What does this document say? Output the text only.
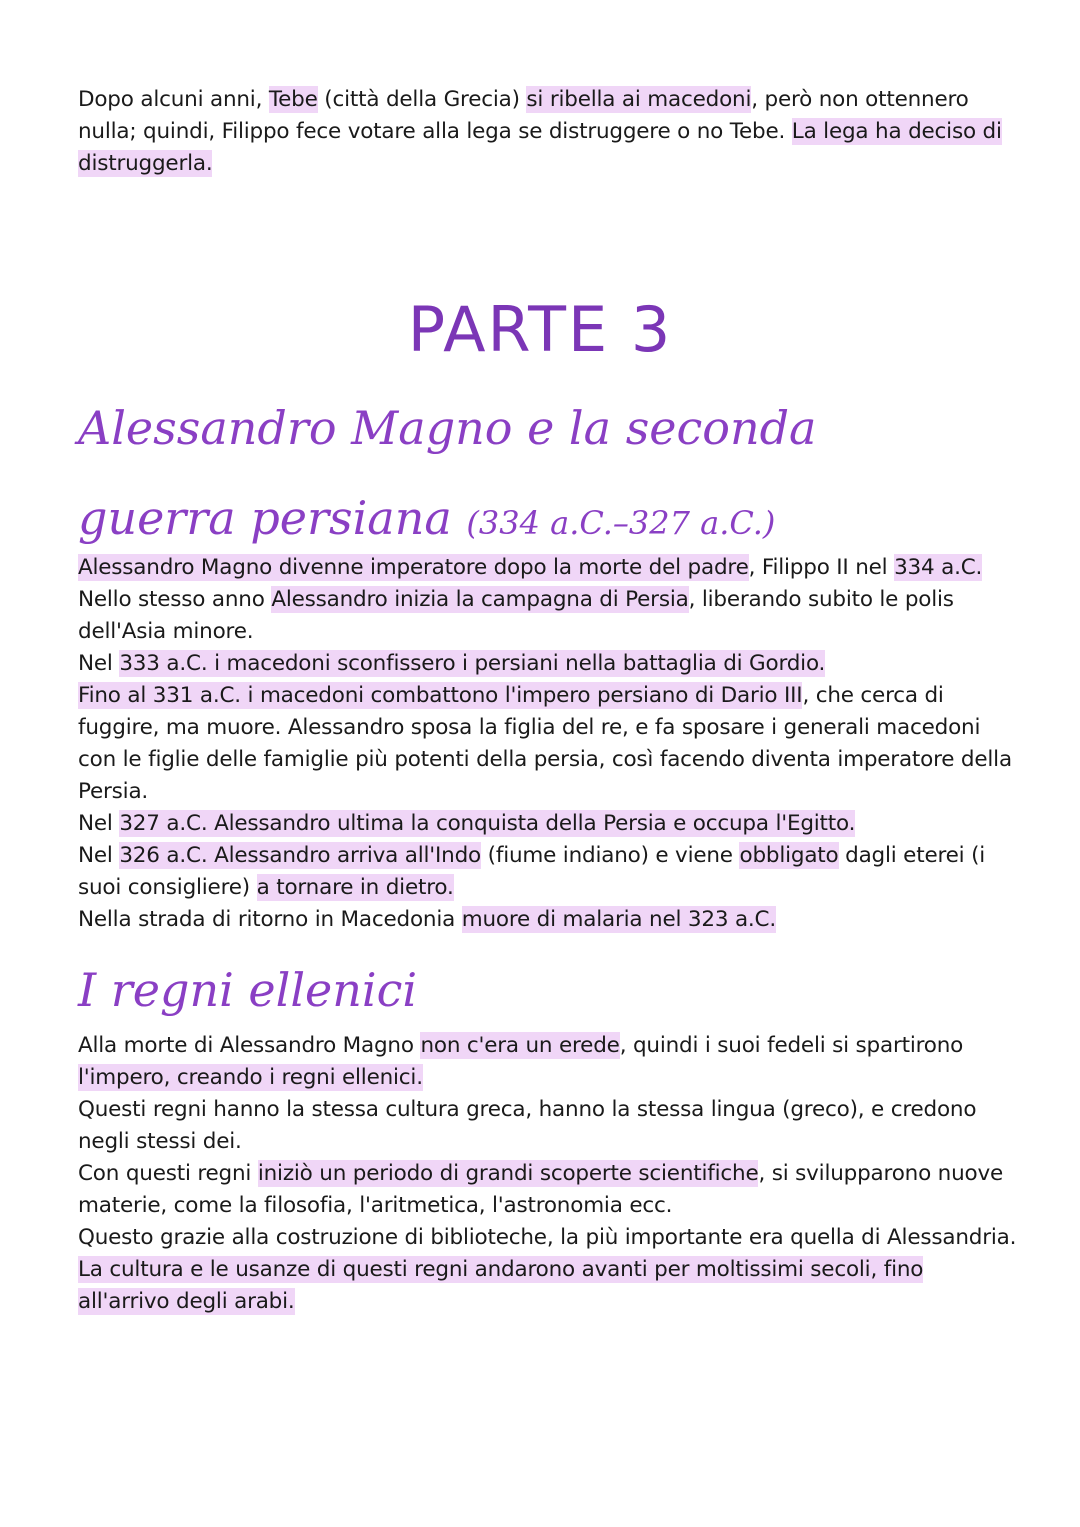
Dopo alcuni anni, Tebe (città della Grecia) si ribella ai macedoni, però non ottennero nulla; quindi, Filippo fece votare alla lega se distruggere o no Tebe. La lega ha deciso di distruggerla.
PARTE 3
Alessandro Magno e la seconda
guerra persiana (334 a.C.–327 a.C.)
Alessandro Magno divenne imperatore dopo la morte del padre, Filippo II nel 334 a.C.
Nello stesso anno Alessandro inizia la campagna di Persia, liberando subito le polis dell'Asia minore.
Nel 333 a.C. i macedoni sconfissero i persiani nella battaglia di Gordio.
Fino al 331 a.C. i macedoni combattono l'impero persiano di Dario III, che cerca di fuggire, ma muore. Alessandro sposa la figlia del re, e fa sposare i generali macedoni con le figlie delle famiglie più potenti della persia, così facendo diventa imperatore della Persia.
Nel 327 a.C. Alessandro ultima la conquista della Persia e occupa l'Egitto.
Nel 326 a.C. Alessandro arriva all'Indo (fiume indiano) e viene obbligato dagli eterei (i suoi consigliere) a tornare in dietro.
Nella strada di ritorno in Macedonia muore di malaria nel 323 a.C.
I regni ellenici
Alla morte di Alessandro Magno non c'era un erede, quindi i suoi fedeli si spartirono l'impero, creando i regni ellenici.
Questi regni hanno la stessa cultura greca, hanno la stessa lingua (greco), e credono negli stessi dei.
Con questi regni iniziò un periodo di grandi scoperte scientifiche, si svilupparono nuove materie, come la filosofia, l'aritmetica, l'astronomia ecc.
Questo grazie alla costruzione di biblioteche, la più importante era quella di Alessandria.
La cultura e le usanze di questi regni andarono avanti per moltissimi secoli, fino all'arrivo degli arabi.
